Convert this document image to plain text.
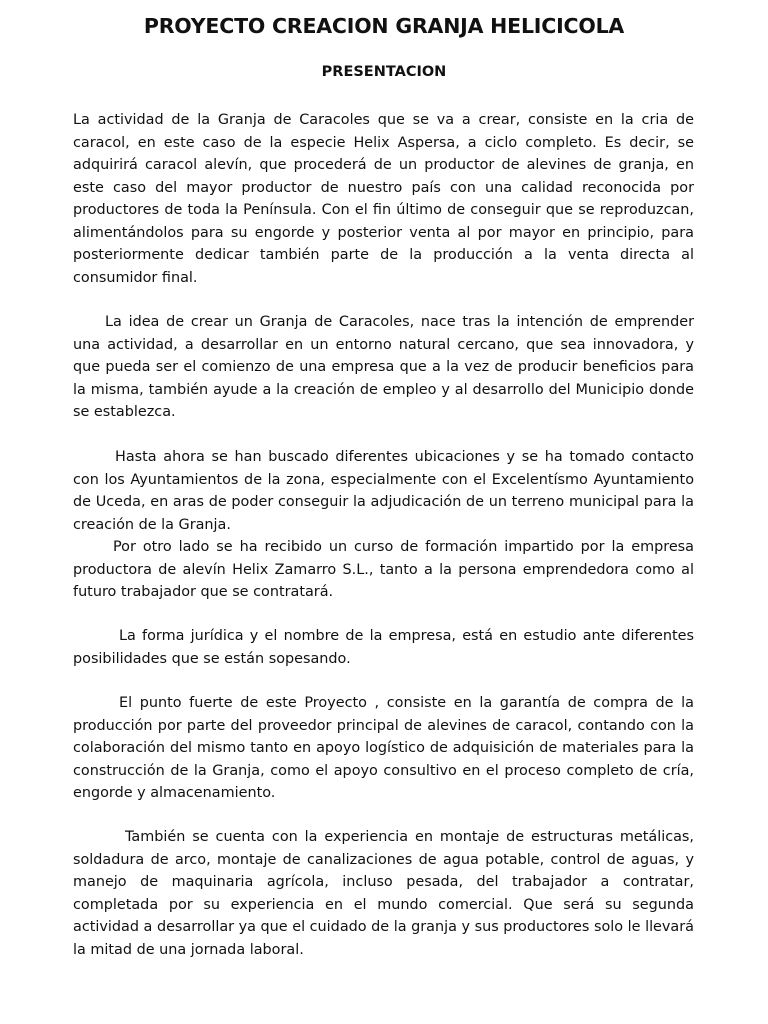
PROYECTO CREACION GRANJA HELICICOLA
PRESENTACION

La actividad de la Granja de Caracoles que se va a crear, consiste en la cria de caracol, en este caso de la especie Helix Aspersa, a ciclo completo. Es decir, se adquirirá caracol alevín, que procederá de un productor de alevines de granja, en este caso del mayor productor de nuestro país con una calidad reconocida por productores de toda la Península. Con el fin último de conseguir que se reproduzcan, alimentándolos para su engorde y posterior venta al por mayor en principio, para posteriormente dedicar también parte de la producción a la venta directa al consumidor final.

La idea de crear un Granja de Caracoles, nace tras la intención de emprender una actividad, a desarrollar en un entorno natural cercano, que sea innovadora, y que pueda ser el comienzo de una empresa que a la vez de producir beneficios para la misma, también ayude a la creación de empleo y al desarrollo del Municipio donde se establezca.

Hasta ahora se han buscado diferentes ubicaciones y se ha tomado contacto con los Ayuntamientos de la zona, especialmente con el Excelentísmo Ayuntamiento de Uceda, en aras de poder conseguir la adjudicación de un terreno municipal para la creación de la Granja.

Por otro lado se ha recibido un curso de formación impartido por la empresa productora de alevín Helix Zamarro S.L., tanto a la persona emprendedora como al futuro trabajador que se contratará.

La forma jurídica y el nombre de la empresa, está en estudio ante diferentes posibilidades que se están sopesando.

El punto fuerte de este Proyecto , consiste en la garantía de compra de la producción por parte del proveedor principal de alevines de caracol, contando con la colaboración del mismo tanto en apoyo logístico de adquisición de materiales para la construcción de la Granja, como el apoyo consultivo en el proceso completo de cría, engorde y almacenamiento.

También se cuenta con la experiencia en montaje de estructuras metálicas, soldadura de arco, montaje de canalizaciones de agua potable, control de aguas, y manejo de maquinaria agrícola, incluso pesada, del trabajador a contratar, completada por su experiencia en el mundo comercial. Que será su segunda actividad a desarrollar ya que el cuidado de la granja y sus productores solo le llevará la mitad de una jornada laboral.
